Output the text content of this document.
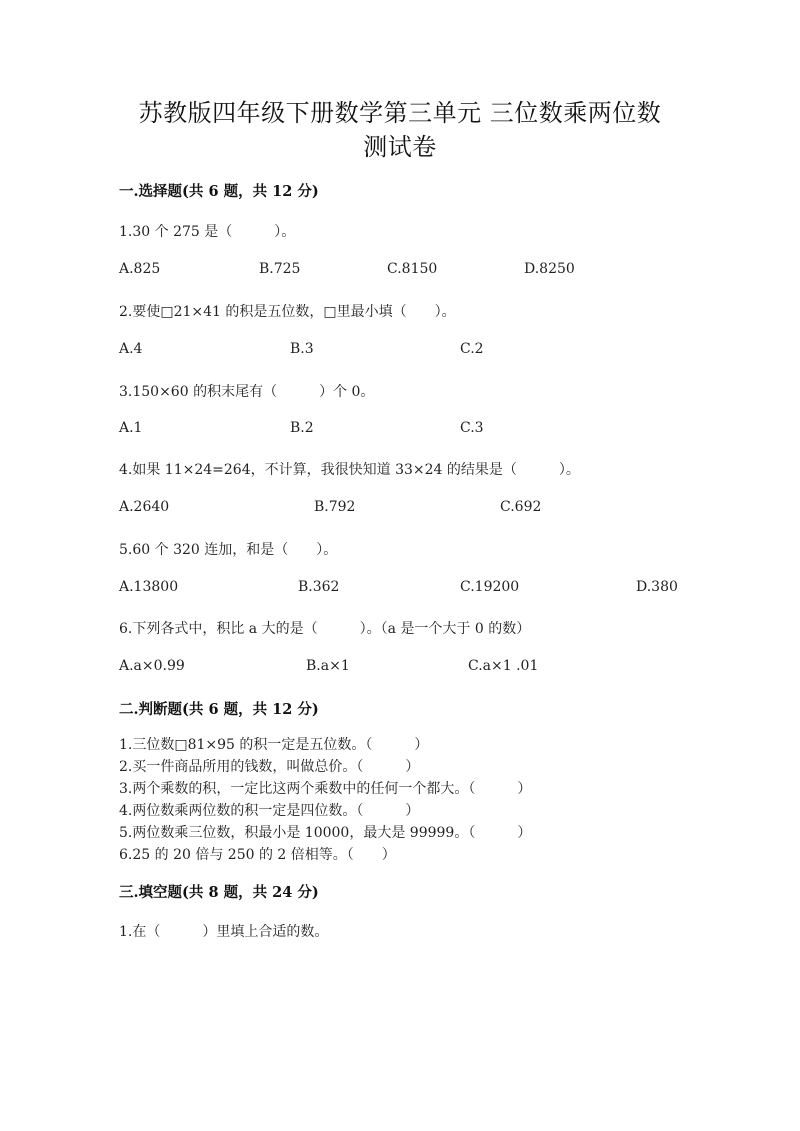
苏教版四年级下册数学第三单元 三位数乘两位数
测试卷
一.选择题(共 6 题，共 12 分)
1.30 个 275 是（　　　）。
A.825	B.725	C.8150	D.8250
2.要使□21×41 的积是五位数，□里最小填（　　）。
A.4	B.3	C.2
3.150×60 的积末尾有（　　　）个 0。
A.1	B.2	C.3
4.如果 11×24=264，不计算，我很快知道 33×24 的结果是（　　　）。
A.2640	B.792	C.692
5.60 个 320 连加，和是（　　）。
A.13800	B.362	C.19200	D.380
6.下列各式中，积比 a 大的是（　　　）。（a 是一个大于 0 的数）
A.a×0.99	B.a×1	C.a×1 .01
二.判断题(共 6 题，共 12 分)
1.三位数□81×95 的积一定是五位数。（　　　）
2.买一件商品所用的钱数，叫做总价。（　　　）
3.两个乘数的积，一定比这两个乘数中的任何一个都大。（　　　）
4.两位数乘两位数的积一定是四位数。（　　　）
5.两位数乘三位数，积最小是 10000，最大是 99999。（　　　）
6.25 的 20 倍与 250 的 2 倍相等。（　　）
三.填空题(共 8 题，共 24 分)
1.在（　　　）里填上合适的数。
